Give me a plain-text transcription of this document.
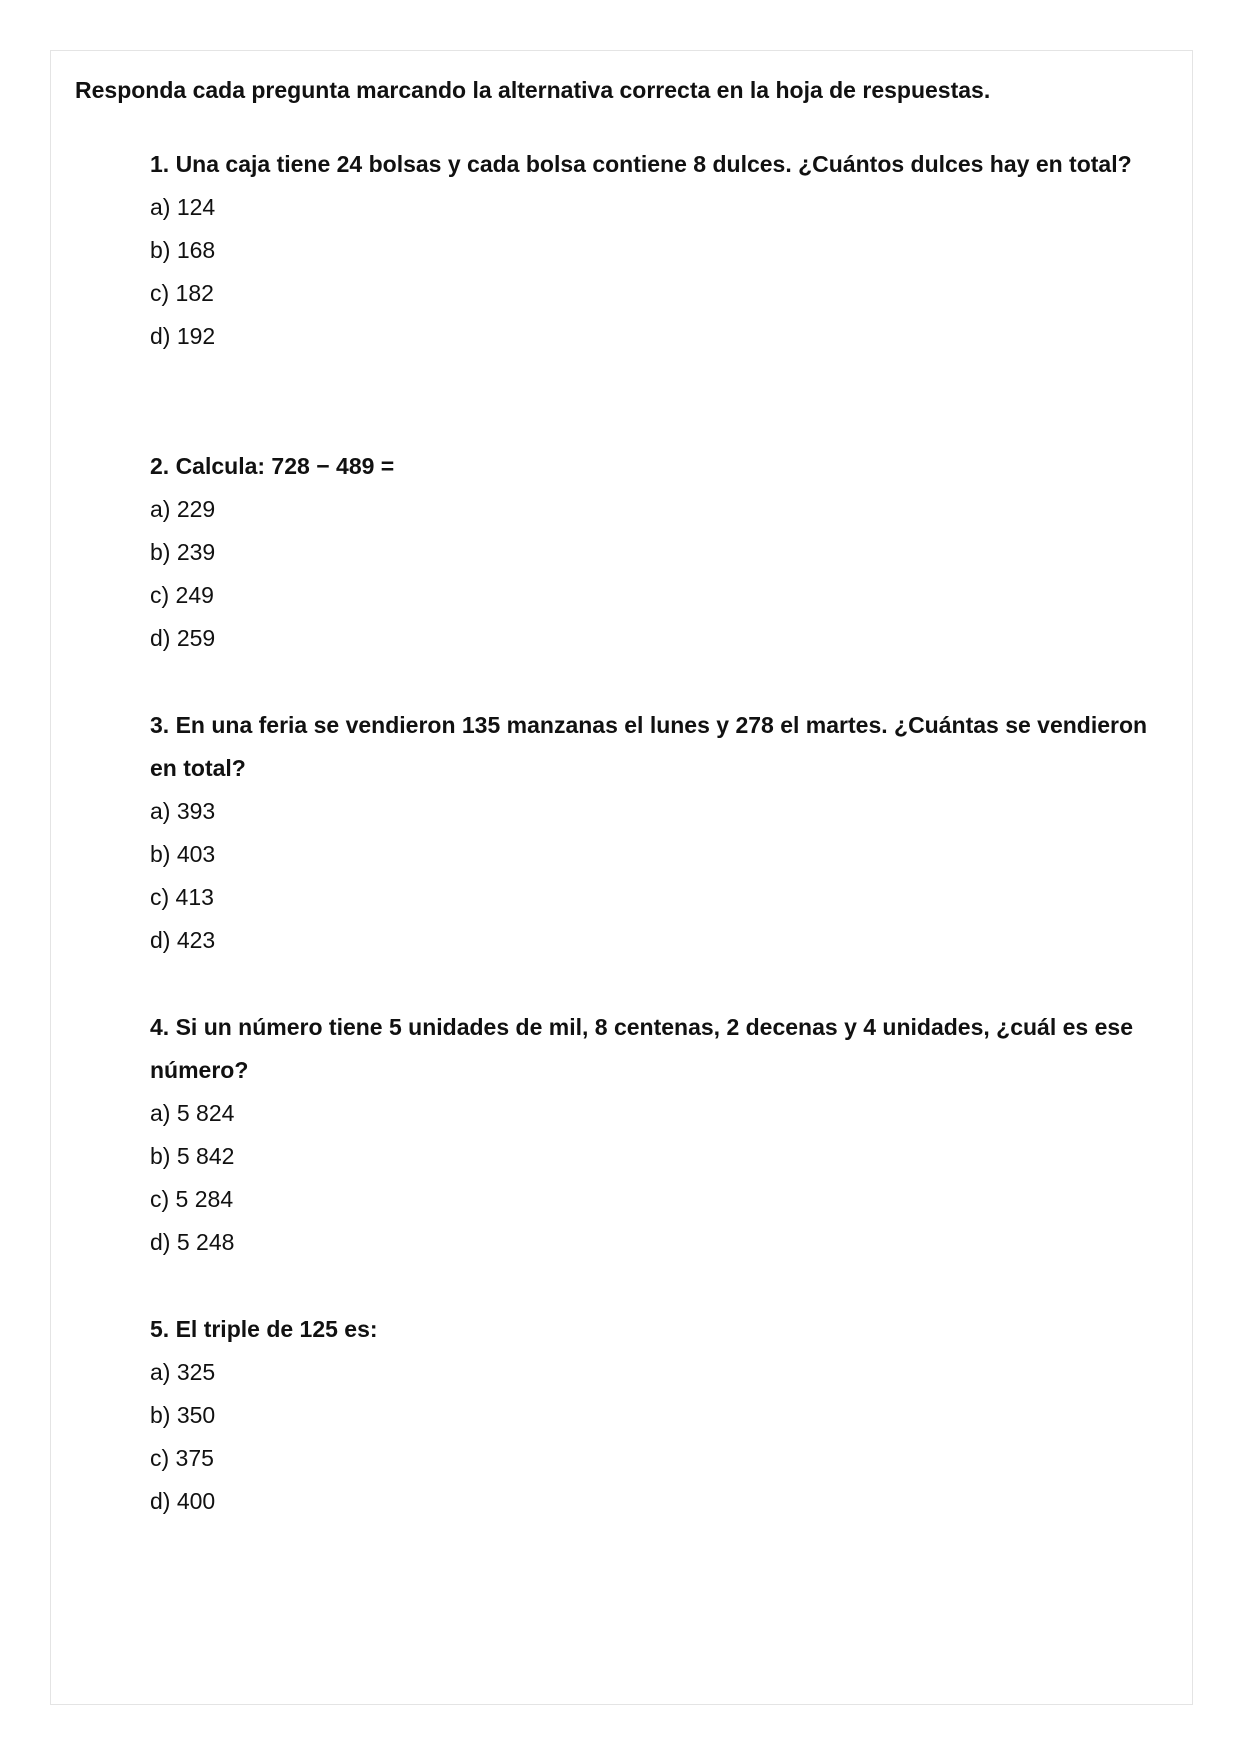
Responda cada pregunta marcando la alternativa correcta en la hoja de respuestas.

1. Una caja tiene 24 bolsas y cada bolsa contiene 8 dulces. ¿Cuántos dulces hay en total?

a) 124
b) 168
c) 182
d) 192

2. Calcula: 728 − 489 =

a) 229
b) 239
c) 249
d) 259

3. En una feria se vendieron 135 manzanas el lunes y 278 el martes. ¿Cuántas se vendieron en total?

a) 393
b) 403
c) 413
d) 423

4. Si un número tiene 5 unidades de mil, 8 centenas, 2 decenas y 4 unidades, ¿cuál es ese número?

a) 5 824
b) 5 842
c) 5 284
d) 5 248

5. El triple de 125 es:

a) 325
b) 350
c) 375
d) 400
